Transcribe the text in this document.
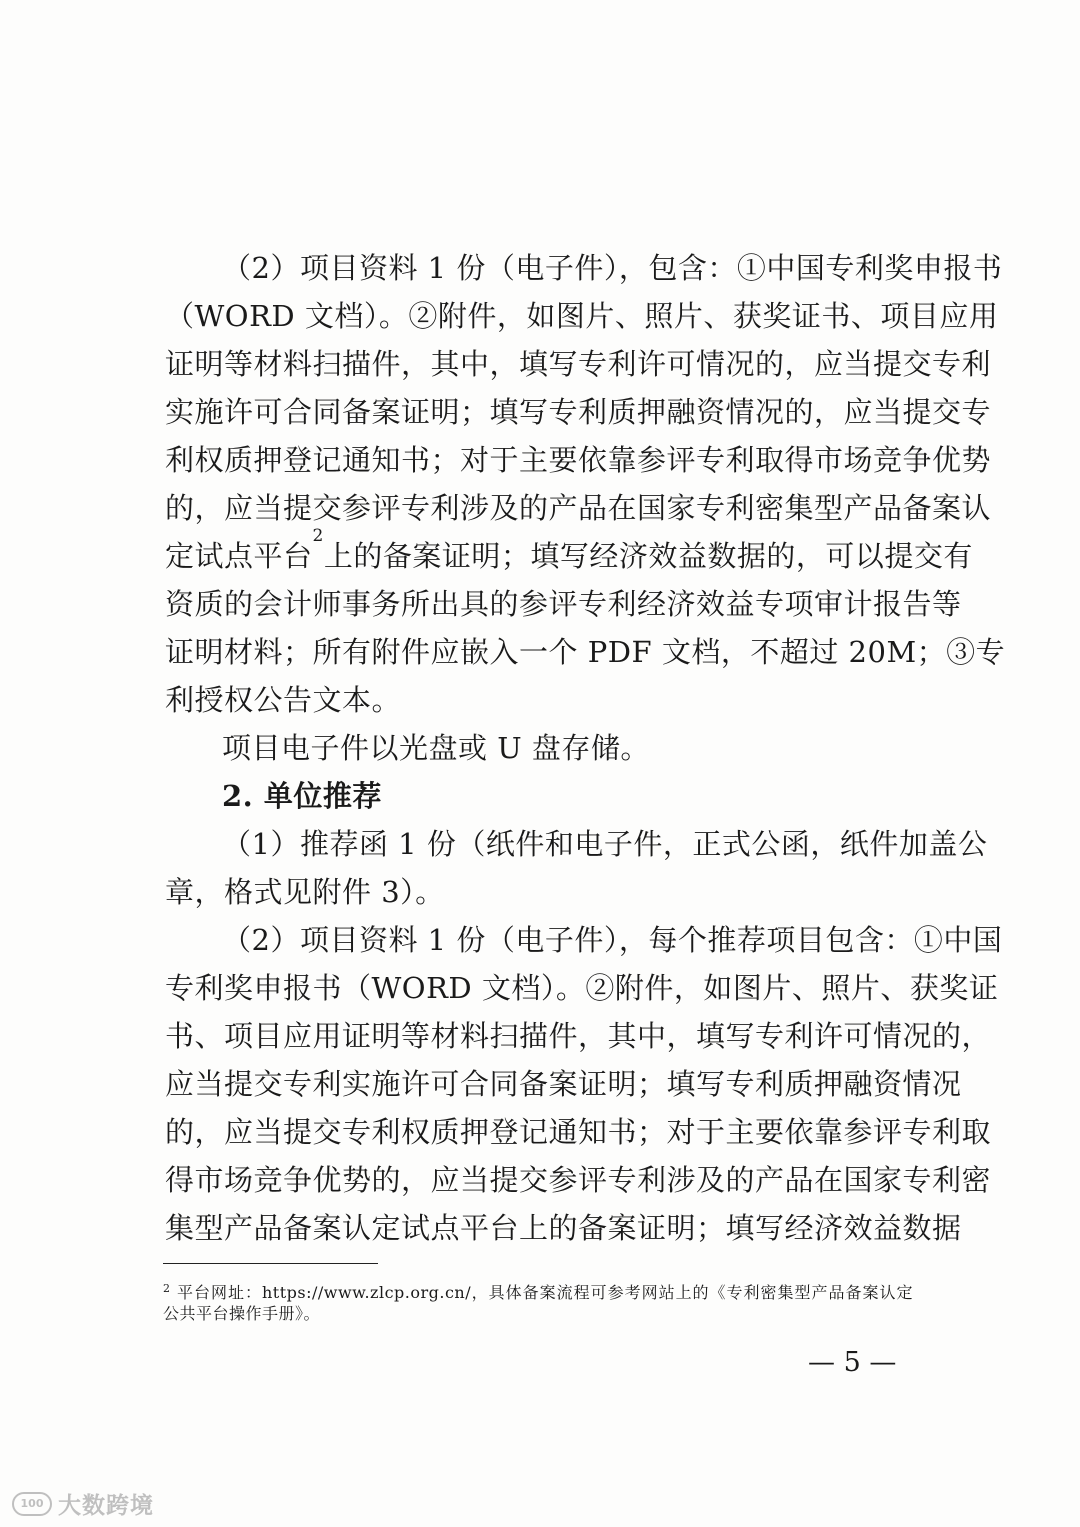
（2）项目资料 1 份（电子件），包含：①中国专利奖申报书
（WORD 文档）。②附件，如图片、照片、获奖证书、项目应用
证明等材料扫描件，其中，填写专利许可情况的，应当提交专利
实施许可合同备案证明；填写专利质押融资情况的，应当提交专
利权质押登记通知书；对于主要依靠参评专利取得市场竞争优势
的，应当提交参评专利涉及的产品在国家专利密集型产品备案认
定试点平台
2
上的备案证明；填写经济效益数据的，可以提交有
资质的会计师事务所出具的参评专利经济效益专项审计报告等
证明材料；所有附件应嵌入一个 PDF 文档，不超过 20M；③专
利授权公告文本。
项目电子件以光盘或 U 盘存储。
2. 单位推荐
（1）推荐函 1 份（纸件和电子件，正式公函，纸件加盖公
章，格式见附件 3）。
（2）项目资料 1 份（电子件），每个推荐项目包含：①中国
专利奖申报书（WORD 文档）。②附件，如图片、照片、获奖证
书、项目应用证明等材料扫描件，其中，填写专利许可情况的，
应当提交专利实施许可合同备案证明；填写专利质押融资情况
的，应当提交专利权质押登记通知书；对于主要依靠参评专利取
得市场竞争优势的，应当提交参评专利涉及的产品在国家专利密
集型产品备案认定试点平台上的备案证明；填写经济效益数据
$^2$ 平台网址：https://www.zlcp.org.cn/，具体备案流程可参考网站上的《专利密集型产品备案认定
公共平台操作手册》。
— 5 —
100 大数跨境
